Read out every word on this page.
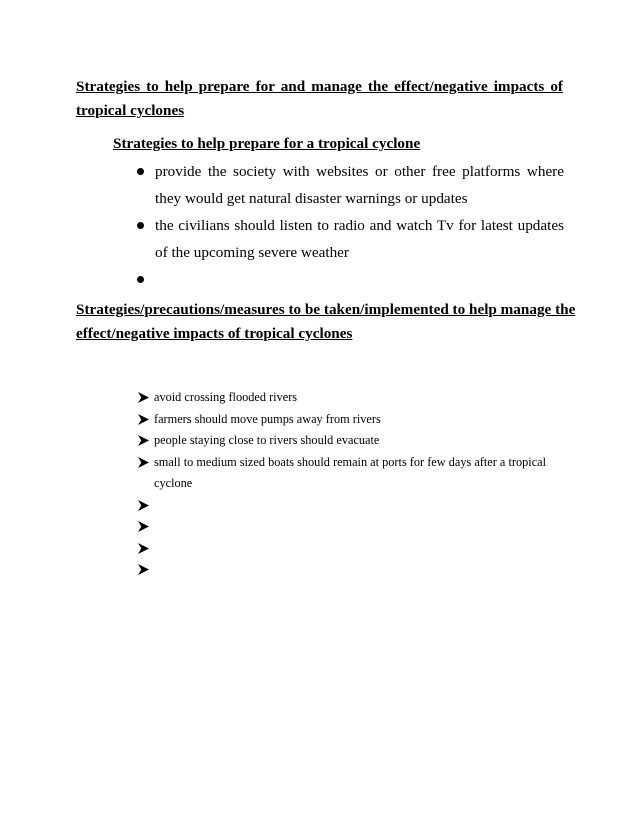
Strategies to help prepare for and manage the effect/negative impacts of
tropical cyclones
Strategies to help prepare for a tropical cyclone
provide the society with websites or other free platforms where they would get natural disaster warnings or updates
the civilians should listen to radio and watch Tv for latest updates of the upcoming severe weather
Strategies/precautions/measures to be taken/implemented to help manage the
effect/negative impacts of tropical cyclones
avoid crossing flooded rivers
farmers should move pumps away from rivers
people staying close to rivers should evacuate
small to medium sized boats should remain at ports for few days after a tropical cyclone
